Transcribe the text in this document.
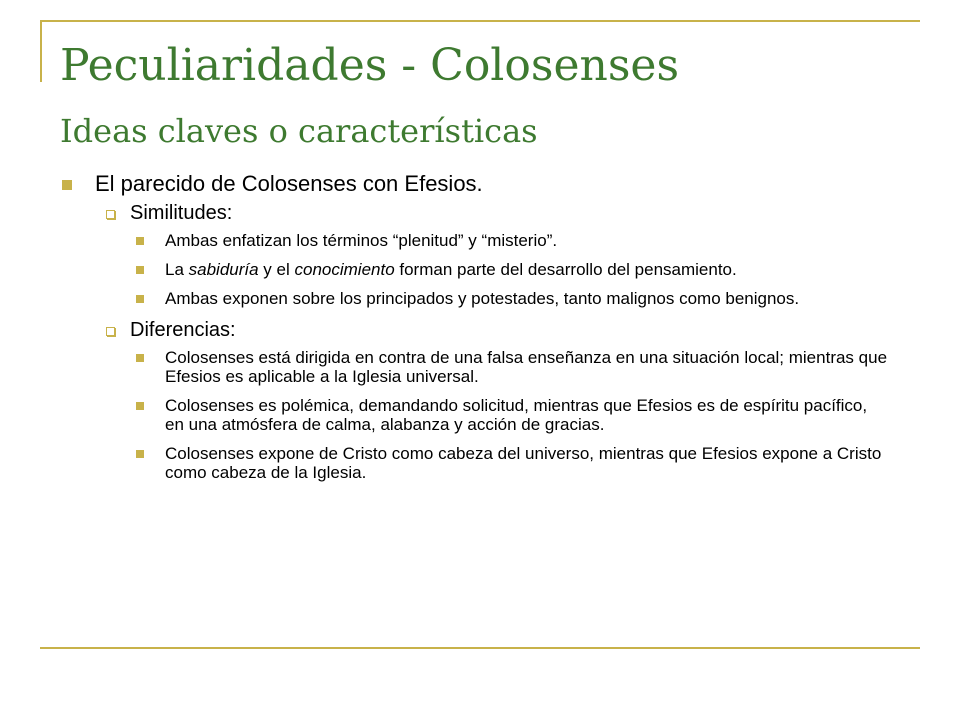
Peculiaridades - Colosenses
Ideas claves o características
El parecido de Colosenses con Efesios.
Similitudes:
Ambas enfatizan los términos “plenitud” y “misterio”.
La sabiduría y el conocimiento forman parte del desarrollo del pensamiento.
Ambas exponen sobre los principados y potestades, tanto malignos como benignos.
Diferencias:
Colosenses está dirigida en contra de una falsa enseñanza en una situación local; mientras que Efesios es aplicable a la Iglesia universal.
Colosenses es polémica, demandando solicitud, mientras que Efesios es de espíritu pacífico, en una atmósfera de calma, alabanza y acción de gracias.
Colosenses expone de Cristo como cabeza del universo, mientras que Efesios expone a Cristo como cabeza de la Iglesia.
